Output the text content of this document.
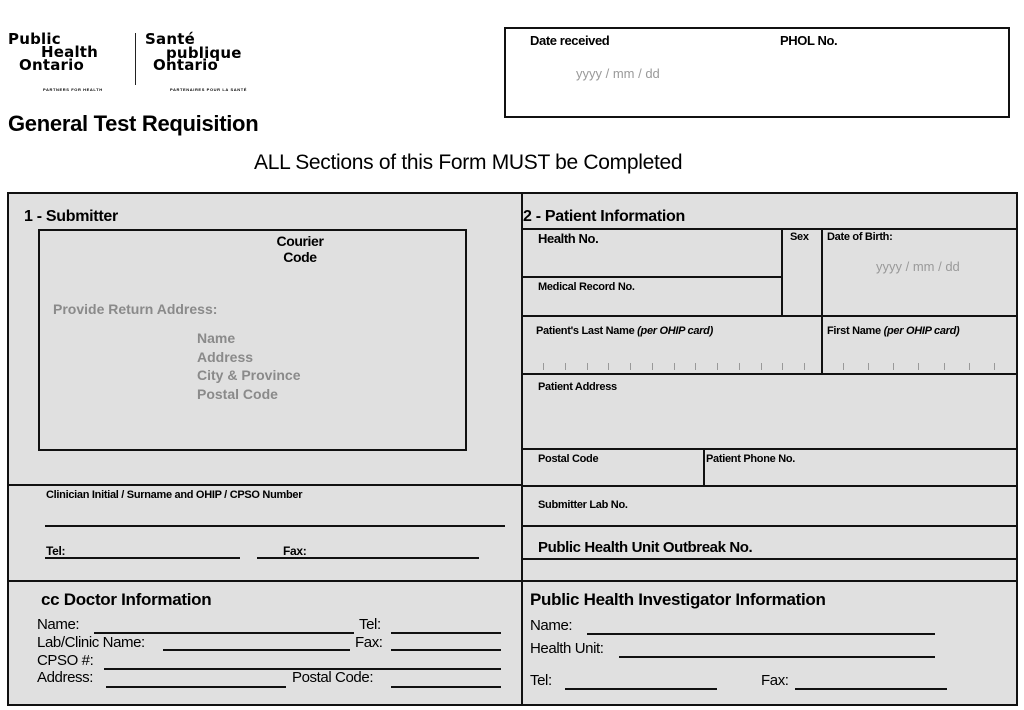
Public
Health
Ontario
PARTNERS FOR HEALTH
Santé
publique
Ontario
PARTENAIRES POUR LA SANTÉ
Date received
yyyy / mm / dd
PHOL No.
General Test Requisition
ALL Sections of this Form MUST be Completed
1 - Submitter
Courier
Code
Provide Return Address:
Name
Address
City & Province
Postal Code
Clinician Initial / Surname and OHIP / CPSO Number
Tel:	Fax:
2 - Patient Information
Health No.
Medical Record No.
Sex Date of Birth:
yyyy / mm / dd
Patient's Last Name (per OHIP card)	First Name (per OHIP card)
Patient Address
Postal Code	Patient Phone No.
Submitter Lab No.
Public Health Unit Outbreak No.
cc Doctor Information
Name:	Tel:
Lab/Clinic Name:	Fax:
CPSO #:
Address:	Postal Code:
Public Health Investigator Information
Name:
Health Unit:
Tel:	Fax:
